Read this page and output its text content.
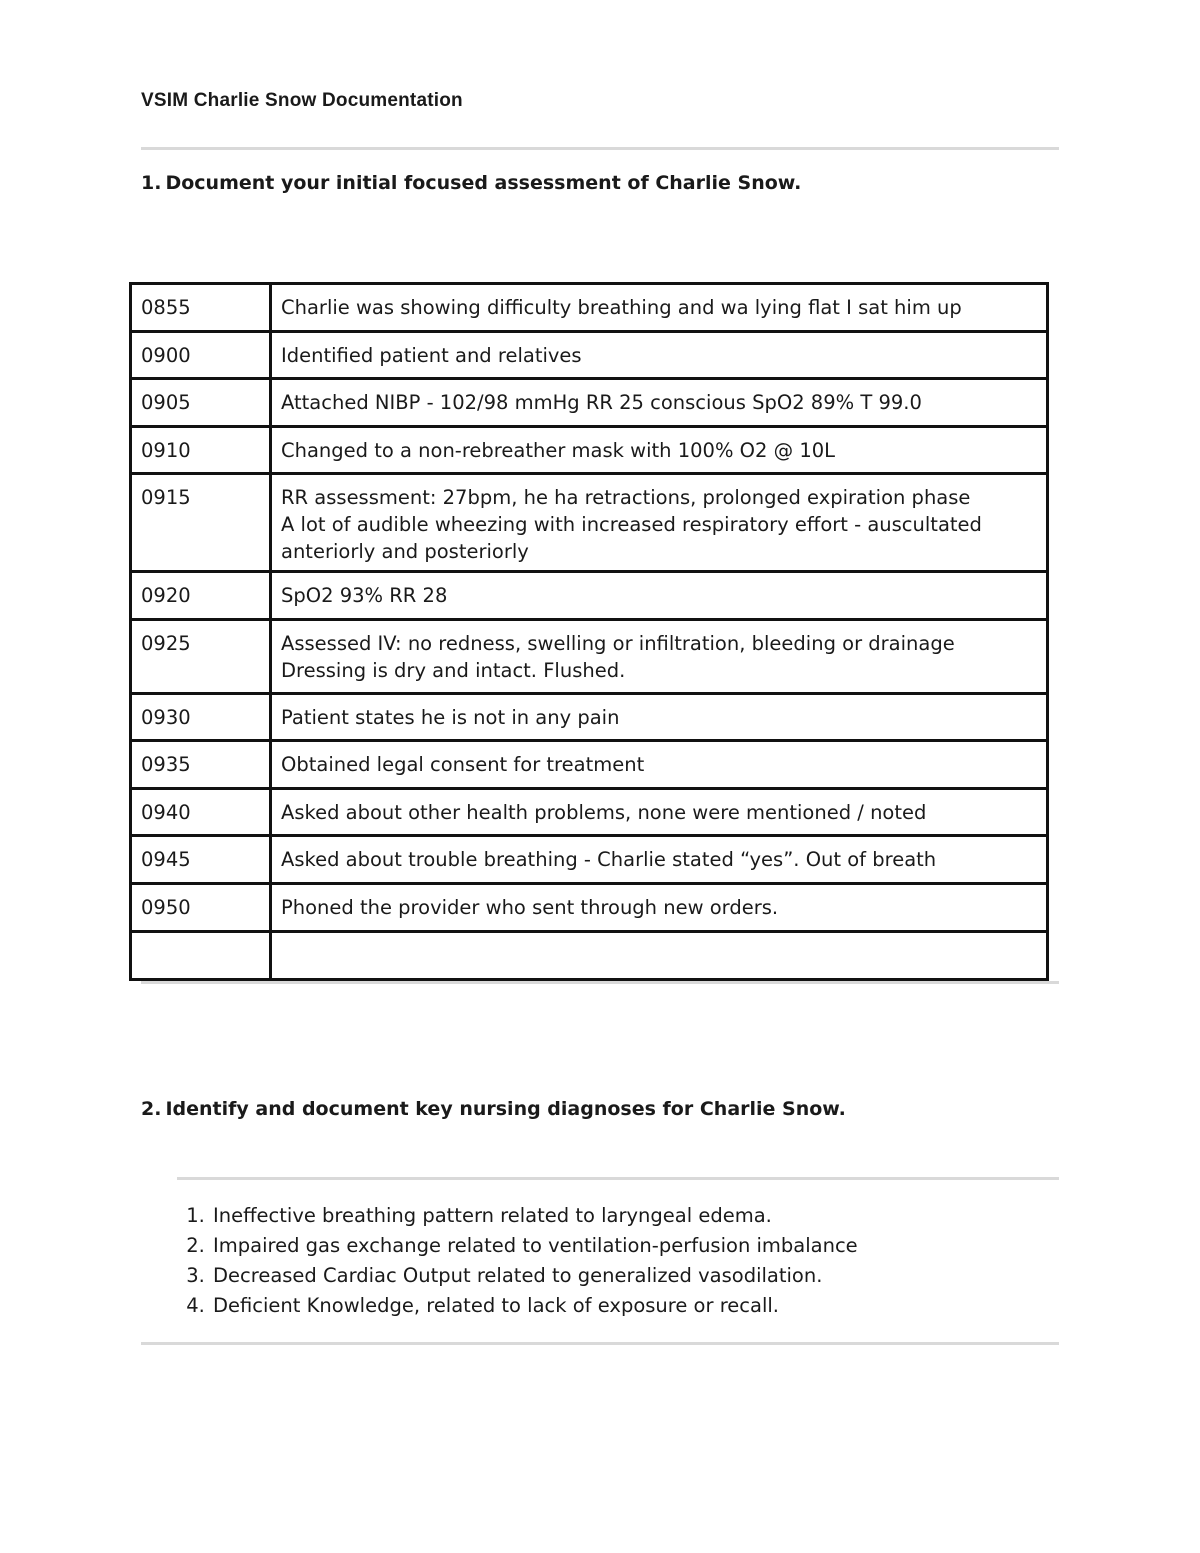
VSIM Charlie Snow Documentation
1. Document your initial focused assessment of Charlie Snow.
0855	Charlie was showing difficulty breathing and wa lying flat I sat him up

0900	Identified patient and relatives

0905	Attached NIBP - 102/98 mmHg RR 25 conscious SpO2 89% T 99.0

0910	Changed to a non-rebreather mask with 100% O2 @ 10L

0915	RR assessment: 27bpm, he ha retractions, prolonged expiration phase
A lot of audible wheezing with increased respiratory effort - auscultated anteriorly and posteriorly

0920	SpO2 93% RR 28

0925	Assessed IV: no redness, swelling or infiltration, bleeding or drainage
Dressing is dry and intact. Flushed.

0930	Patient states he is not in any pain

0935	Obtained legal consent for treatment

0940	Asked about other health problems, none were mentioned / noted

0945	Asked about trouble breathing - Charlie stated “yes”. Out of breath

0950	Phoned the provider who sent through new orders.

2. Identify and document key nursing diagnoses for Charlie Snow.
1. Ineffective breathing pattern related to laryngeal edema.
2. Impaired gas exchange related to ventilation-perfusion imbalance
3. Decreased Cardiac Output related to generalized vasodilation.
4. Deficient Knowledge, related to lack of exposure or recall.
